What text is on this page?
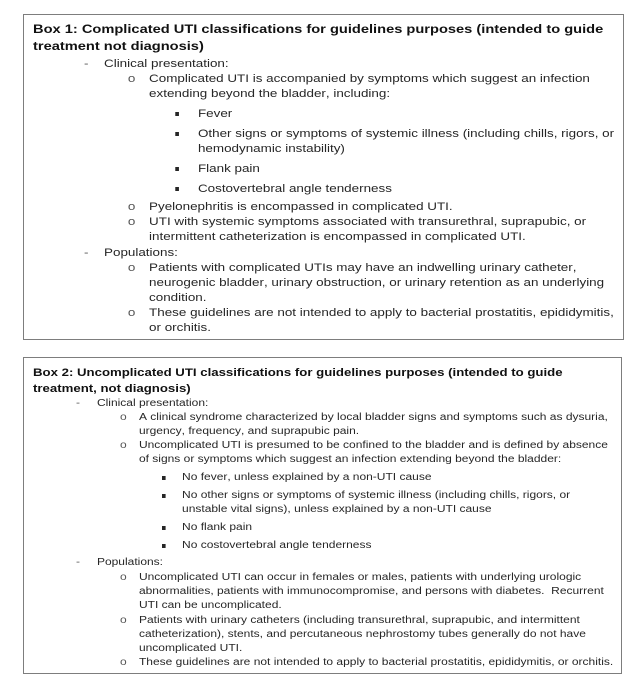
Box 1: Complicated UTI classifications for guidelines purposes (intended to guide
treatment not diagnosis)
- Clinical presentation:
o Complicated UTI is accompanied by symptoms which suggest an infection
extending beyond the bladder, including:
Fever
Other signs or symptoms of systemic illness (including chills, rigors, or
hemodynamic instability)
Flank pain
Costovertebral angle tenderness
o Pyelonephritis is encompassed in complicated UTI.
o UTI with systemic symptoms associated with transurethral, suprapubic, or
intermittent catheterization is encompassed in complicated UTI.
- Populations:
o Patients with complicated UTIs may have an indwelling urinary catheter,
neurogenic bladder, urinary obstruction, or urinary retention as an underlying
condition.
o These guidelines are not intended to apply to bacterial prostatitis, epididymitis,
or orchitis.
Box 2: Uncomplicated UTI classifications for guidelines purposes (intended to guide
treatment, not diagnosis)
- Clinical presentation:
o A clinical syndrome characterized by local bladder signs and symptoms such as dysuria,
urgency, frequency, and suprapubic pain.
o Uncomplicated UTI is presumed to be confined to the bladder and is defined by absence
of signs or symptoms which suggest an infection extending beyond the bladder:
No fever, unless explained by a non-UTI cause
No other signs or symptoms of systemic illness (including chills, rigors, or
unstable vital signs), unless explained by a non-UTI cause
No flank pain
No costovertebral angle tenderness
- Populations:
o Uncomplicated UTI can occur in females or males, patients with underlying urologic
abnormalities, patients with immunocompromise, and persons with diabetes.  Recurrent
UTI can be uncomplicated.
o Patients with urinary catheters (including transurethral, suprapubic, and intermittent
catheterization), stents, and percutaneous nephrostomy tubes generally do not have
uncomplicated UTI.
o These guidelines are not intended to apply to bacterial prostatitis, epididymitis, or orchitis.
